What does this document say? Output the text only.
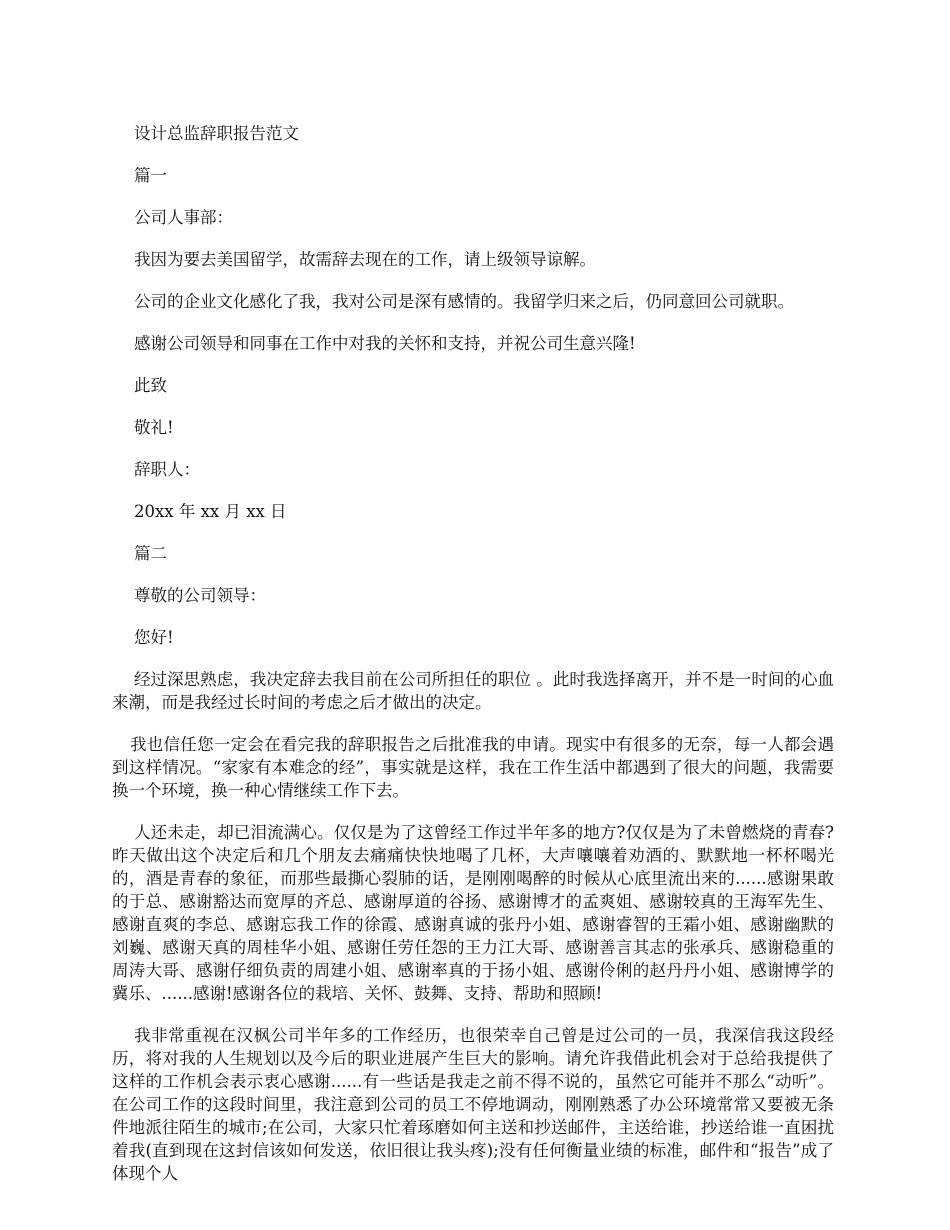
设计总监辞职报告范文

篇一

公司人事部：

我因为要去美国留学，故需辞去现在的工作，请上级领导谅解。

公司的企业文化感化了我，我对公司是深有感情的。我留学归来之后，仍同意回公司就职。

感谢公司领导和同事在工作中对我的关怀和支持，并祝公司生意兴隆!

此致

敬礼!

辞职人：

20xx 年 xx 月 xx 日

篇二

尊敬的公司领导：

您好!

经过深思熟虑，我决定辞去我目前在公司所担任的职位 。此时我选择离开，并不是一时间的心血来潮，而是我经过长时间的考虑之后才做出的决定。

我也信任您一定会在看完我的辞职报告之后批准我的申请。现实中有很多的无奈，每一人都会遇到这样情况。“家家有本难念的经”，事实就是这样，我在工作生活中都遇到了很大的问题，我需要换一个环境，换一种心情继续工作下去。

人还未走，却已泪流满心。仅仅是为了这曾经工作过半年多的地方?仅仅是为了未曾燃烧的青春?昨天做出这个决定后和几个朋友去痛痛快快地喝了几杯，大声嚷嚷着劝酒的、默默地一杯杯喝光的，酒是青春的象征，而那些最撕心裂肺的话，是刚刚喝醉的时候从心底里流出来的......感谢果敢的于总、感谢豁达而宽厚的齐总、感谢厚道的谷扬、感谢博才的孟爽姐、感谢较真的王海军先生、感谢直爽的李总、感谢忘我工作的徐霞、感谢真诚的张丹小姐、感谢睿智的王霜小姐、感谢幽默的刘巍、感谢天真的周桂华小姐、感谢任劳任怨的王力江大哥、感谢善言其志的张承兵、感谢稳重的周涛大哥、感谢仔细负责的周建小姐、感谢率真的于扬小姐、感谢伶俐的赵丹丹小姐、感谢博学的冀乐、......感谢!感谢各位的栽培、关怀、鼓舞、支持、帮助和照顾!

我非常重视在汉枫公司半年多的工作经历，也很荣幸自己曾是过公司的一员，我深信我这段经历，将对我的人生规划以及今后的职业进展产生巨大的影响。请允许我借此机会对于总给我提供了这样的工作机会表示衷心感谢......有一些话是我走之前不得不说的，虽然它可能并不那么“动听”。在公司工作的这段时间里，我注意到公司的员工不停地调动，刚刚熟悉了办公环境常常又要被无条件地派往陌生的城市;在公司，大家只忙着琢磨如何主送和抄送邮件，主送给谁，抄送给谁一直困扰着我(直到现在这封信该如何发送，依旧很让我头疼);没有任何衡量业绩的标准，邮件和“报告”成了体现个人
